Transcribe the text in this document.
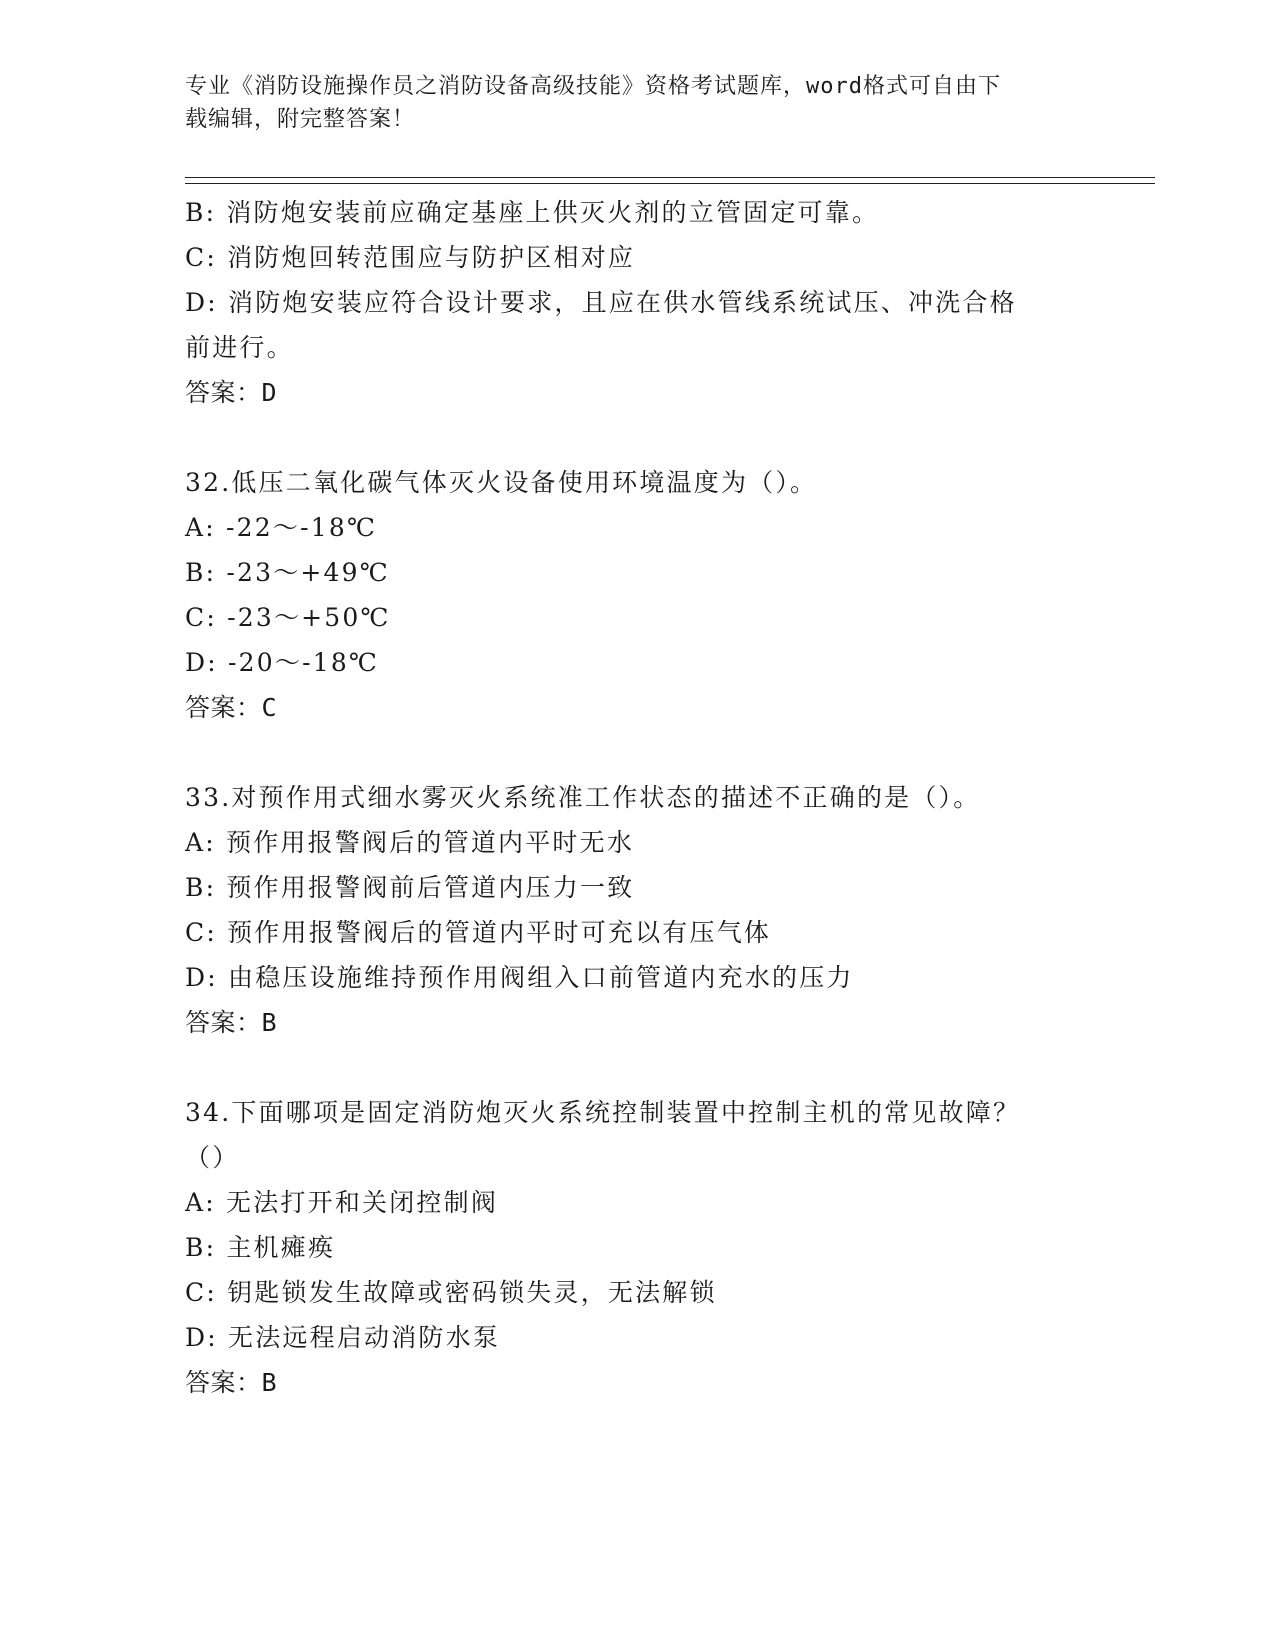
专业《消防设施操作员之消防设备高级技能》资格考试题库，word格式可自由下
载编辑，附完整答案！
B: 消防炮安装前应确定基座上供灭火剂的立管固定可靠。
C: 消防炮回转范围应与防护区相对应
D: 消防炮安装应符合设计要求，且应在供水管线系统试压、冲洗合格
前进行。
答案：D
32.低压二氧化碳气体灭火设备使用环境温度为（）。
A: -22～-18℃
B: -23～+49℃
C: -23～+50℃
D: -20～-18℃
答案：C
33.对预作用式细水雾灭火系统准工作状态的描述不正确的是（）。
A: 预作用报警阀后的管道内平时无水
B: 预作用报警阀前后管道内压力一致
C: 预作用报警阀后的管道内平时可充以有压气体
D: 由稳压设施维持预作用阀组入口前管道内充水的压力
答案：B
34.下面哪项是固定消防炮灭火系统控制装置中控制主机的常见故障？
（）
A: 无法打开和关闭控制阀
B: 主机瘫痪
C: 钥匙锁发生故障或密码锁失灵，无法解锁
D: 无法远程启动消防水泵
答案：B
